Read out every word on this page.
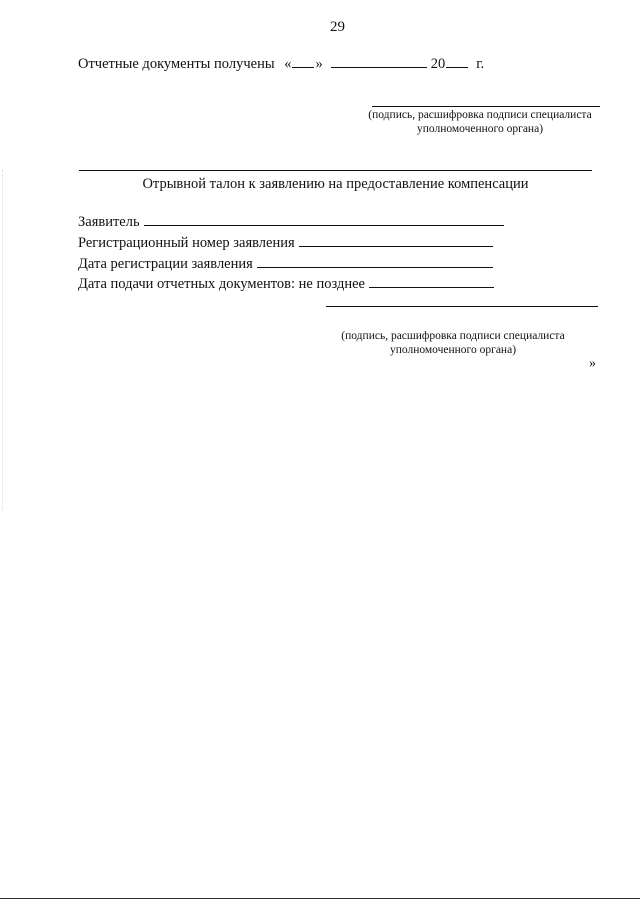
29
Отчетные документы получены « »	20 г.
(подпись, расшифровка подписи специалиста уполномоченного органа)
Отрывной талон к заявлению на предоставление компенсации
Заявитель
Регистрационный номер заявления
Дата регистрации заявления
Дата подачи отчетных документов: не позднее
(подпись, расшифровка подписи специалиста уполномоченного органа)
»
